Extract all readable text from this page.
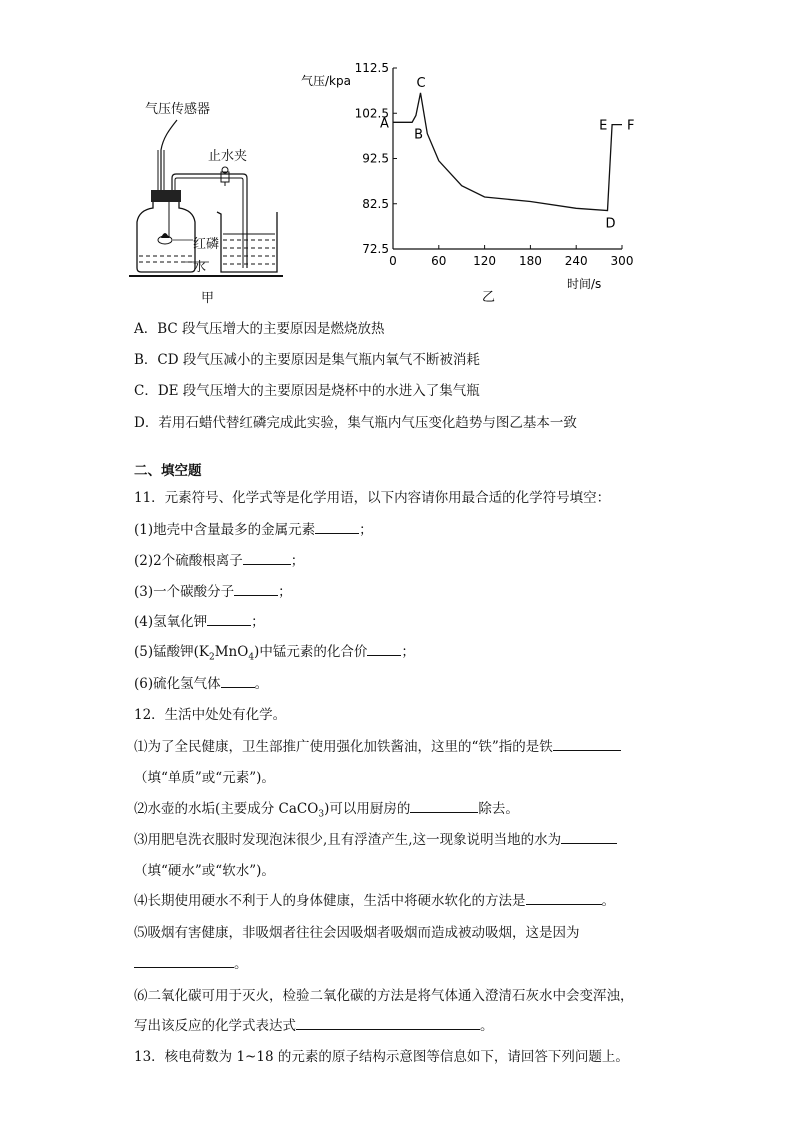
气压传感器
止水夹
红磷
水
甲
0	60 120 180 240 300
72.5
82.5
92.5
102.5
112.5
A
B
C
D
E F
气压/kpa
时间/s
乙
A．BC 段气压增大的主要原因是燃烧放热
B．CD 段气压减小的主要原因是集气瓶内氧气不断被消耗
C．DE 段气压增大的主要原因是烧杯中的水进入了集气瓶
D．若用石蜡代替红磷完成此实验，集气瓶内气压变化趋势与图乙基本一致
二、填空题
11．元素符号、化学式等是化学用语，以下内容请你用最合适的化学符号填空：
(1)地壳中含量最多的金属元素	；
(2)2个硫酸根离子	；
(3)一个碳酸分子	；
(4)氢氧化钾	；
(5)锰酸钾$(K_2MnO_4)$中锰元素的化合价	；
(6)硫化氢气体	。
12．生活中处处有化学。
⑴为了全民健康，卫生部推广使用强化加铁酱油，这里的“铁”指的是铁
（填“单质”或“元素”)。
⑵水壶的水垢(主要成分 CaCO$_3$)可以用厨房的	除去。
⑶用肥皂洗衣服时发现泡沫很少,且有浮渣产生,这一现象说明当地的水为
（填“硬水”或“软水”)。
⑷长期使用硬水不利于人的身体健康，生活中将硬水软化的方法是	。
⑸吸烟有害健康，非吸烟者往往会因吸烟者吸烟而造成被动吸烟，这是因为
。
⑹二氧化碳可用于灭火，检验二氧化碳的方法是将气体通入澄清石灰水中会变浑浊，
写出该反应的化学式表达式	。
13．核电荷数为 1~18 的元素的原子结构示意图等信息如下，请回答下列问题上。
